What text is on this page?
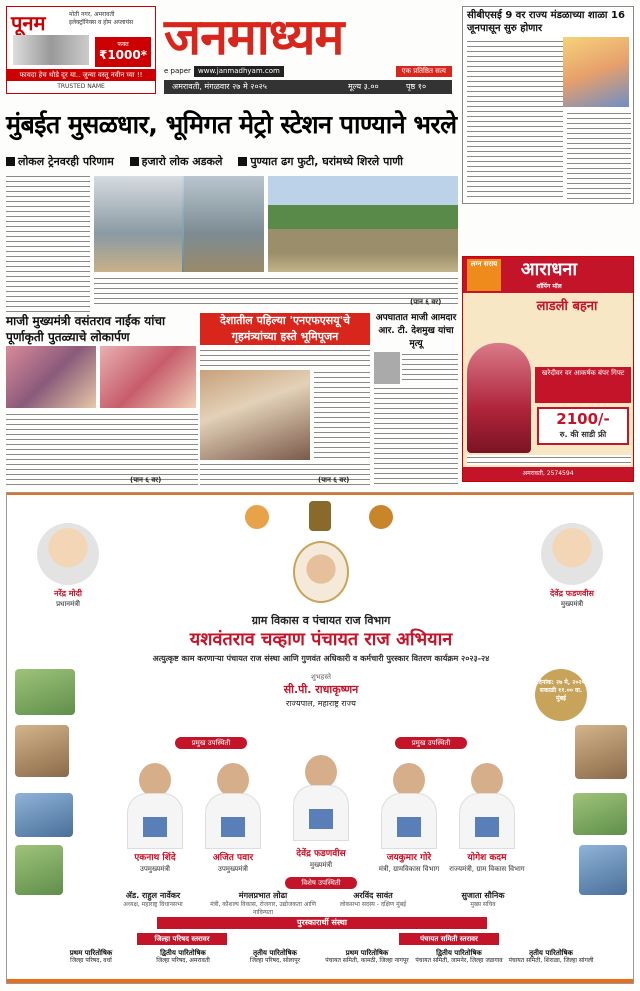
पूनम	मोती नगर, अमरावती
इलेक्ट्रॉनिक्स व होम अप्लायंस
फक्त
₹1000*
फायदा हेच थोडे दूर या.. जुन्या वस्तू नवीन घ्या !!
TRUSTED NAME
जनमाध्यम
e paper	www.janmadhyam.com	एक प्रतिष्ठित सत्य
अमरावती, मंगळवार २७ मे २०२५	मूल्य ३.००	पृष्ठ १०
सीबीएसई 9 वर राज्य मंडळाच्या शाळा 16 जूनपासून सुरु होणार
मुंबईत मुसळधार, भूमिगत मेट्रो स्टेशन पाण्याने भरले
लोकल ट्रेनवरही परिणाम	हजारो लोक अडकले	पुण्यात ढग फुटी, घरांमध्ये शिरले पाणी
(पान ६ वर)
माजी मुख्यमंत्री वसंतराव नाईक यांचा पूर्णाकृती पुतळ्याचे लोकार्पण
(पान ६ वर)
देशातील पहिल्या 'एनएफएसयू'चे गृहमंत्र्यांच्या हस्ते भूमिपूजन
(पान ६ वर)
अपघातात माजी आमदार आर. टी. देशमुख यांचा मृत्यू
आराधना
शॉपिंग मॉल
लग्न सराय
लाडली बहना
खरेदीवर वर आकर्षक बंपर गिफ्ट
2100/-
रु. की साडी फ्री
अमरावती, 2574594
नरेंद्र मोदी
प्रधानमंत्री
देवेंद्र फडणवीस
मुख्यमंत्री
ग्राम विकास व पंचायत राज विभाग
यशवंतराव चव्हाण पंचायत राज अभियान
अत्युत्कृष्ट काम करणाऱ्या पंचायत राज संस्था आणि गुणवंत अधिकारी व कर्मचारी पुरस्कार वितरण कार्यक्रम २०२३-२४
शुभहस्ते
सी.पी. राधाकृष्णन
राज्यपाल, महाराष्ट्र राज्य
दिनांक: २७ मे, २०२५
सकाळी ११.०० वा.
मुंबई
प्रमुख उपस्थिती	प्रमुख उपस्थिती
एकनाथ शिंदे
उपमुख्यमंत्री
अजित पवार
उपमुख्यमंत्री
देवेंद्र फडणवीस
मुख्यमंत्री
जयकुमार गोरे
मंत्री, ग्रामविकास विभाग
योगेश कदम
राज्यमंत्री, ग्राम विकास विभाग
विशेष उपस्थिती
ॲड. राहुल नार्वेकर
अध्यक्ष, महाराष्ट्र विधानसभा
मंगलप्रभात लोढा
मंत्री, कौशल्य विकास, रोजगार, उद्योजकता आणि नाविन्यता
अरविंद सावंत
लोकसभा सदस्य - दक्षिण मुंबई
सुजाता सौनिक
मुख्य सचिव
पुरस्कारार्थी संस्था
जिल्हा परिषद स्तरावर	पंचायत समिती स्तरावर
प्रथम पारितोषिक
जिल्हा परिषद, वर्धा
द्वितीय पारितोषिक
जिल्हा परिषद, अमरावती
तृतीय पारितोषिक
जिल्हा परिषद, सोलापूर
प्रथम पारितोषिक
पंचायत समिती, कामठी, जिल्हा नागपूर
द्वितीय पारितोषिक
पंचायत समिती, जामनेर, जिल्हा जळगाव
तृतीय पारितोषिक
पंचायत समिती, शिराळा, जिल्हा सांगली
